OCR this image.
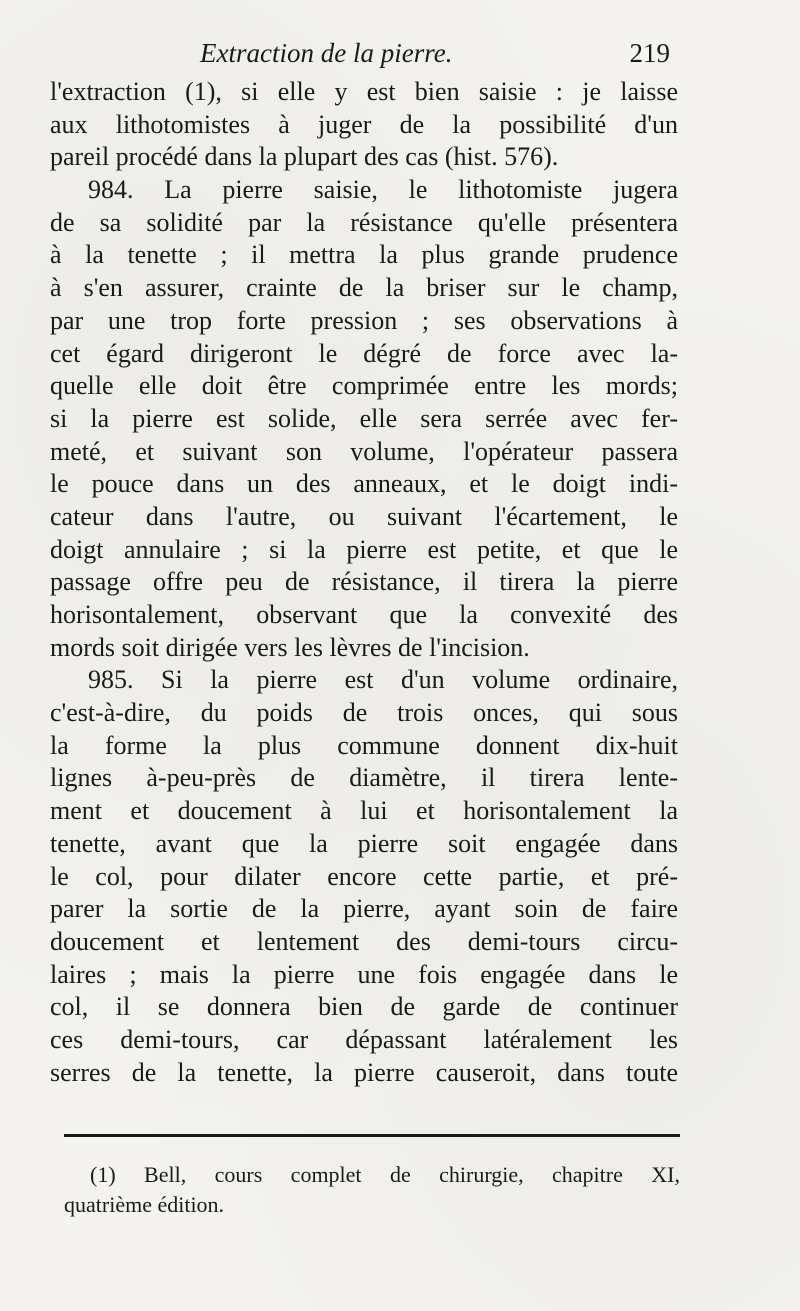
Extraction de la pierre.	219
l'extraction (1), si elle y est bien saisie : je laisse
aux lithotomistes à juger de la possibilité d'un
pareil procédé dans la plupart des cas (hist. 576).
984. La pierre saisie, le lithotomiste jugera
de sa solidité par la résistance qu'elle présentera
à la tenette ; il mettra la plus grande prudence
à s'en assurer, crainte de la briser sur le champ,
par une trop forte pression ; ses observations à
cet égard dirigeront le dégré de force avec la-
quelle elle doit être comprimée entre les mords;
si la pierre est solide, elle sera serrée avec fer-
meté, et suivant son volume, l'opérateur passera
le pouce dans un des anneaux, et le doigt indi-
cateur dans l'autre, ou suivant l'écartement, le
doigt annulaire ; si la pierre est petite, et que le
passage offre peu de résistance, il tirera la pierre
horisontalement, observant que la convexité des
mords soit dirigée vers les lèvres de l'incision.
985. Si la pierre est d'un volume ordinaire,
c'est-à-dire, du poids de trois onces, qui sous
la forme la plus commune donnent dix-huit
lignes à-peu-près de diamètre, il tirera lente-
ment et doucement à lui et horisontalement la
tenette, avant que la pierre soit engagée dans
le col, pour dilater encore cette partie, et pré-
parer la sortie de la pierre, ayant soin de faire
doucement et lentement des demi-tours circu-
laires ; mais la pierre une fois engagée dans le
col, il se donnera bien de garde de continuer
ces demi-tours, car dépassant latéralement les
serres de la tenette, la pierre causeroit, dans toute
(1) Bell, cours complet de chirurgie, chapitre XI,
quatrième édition.
